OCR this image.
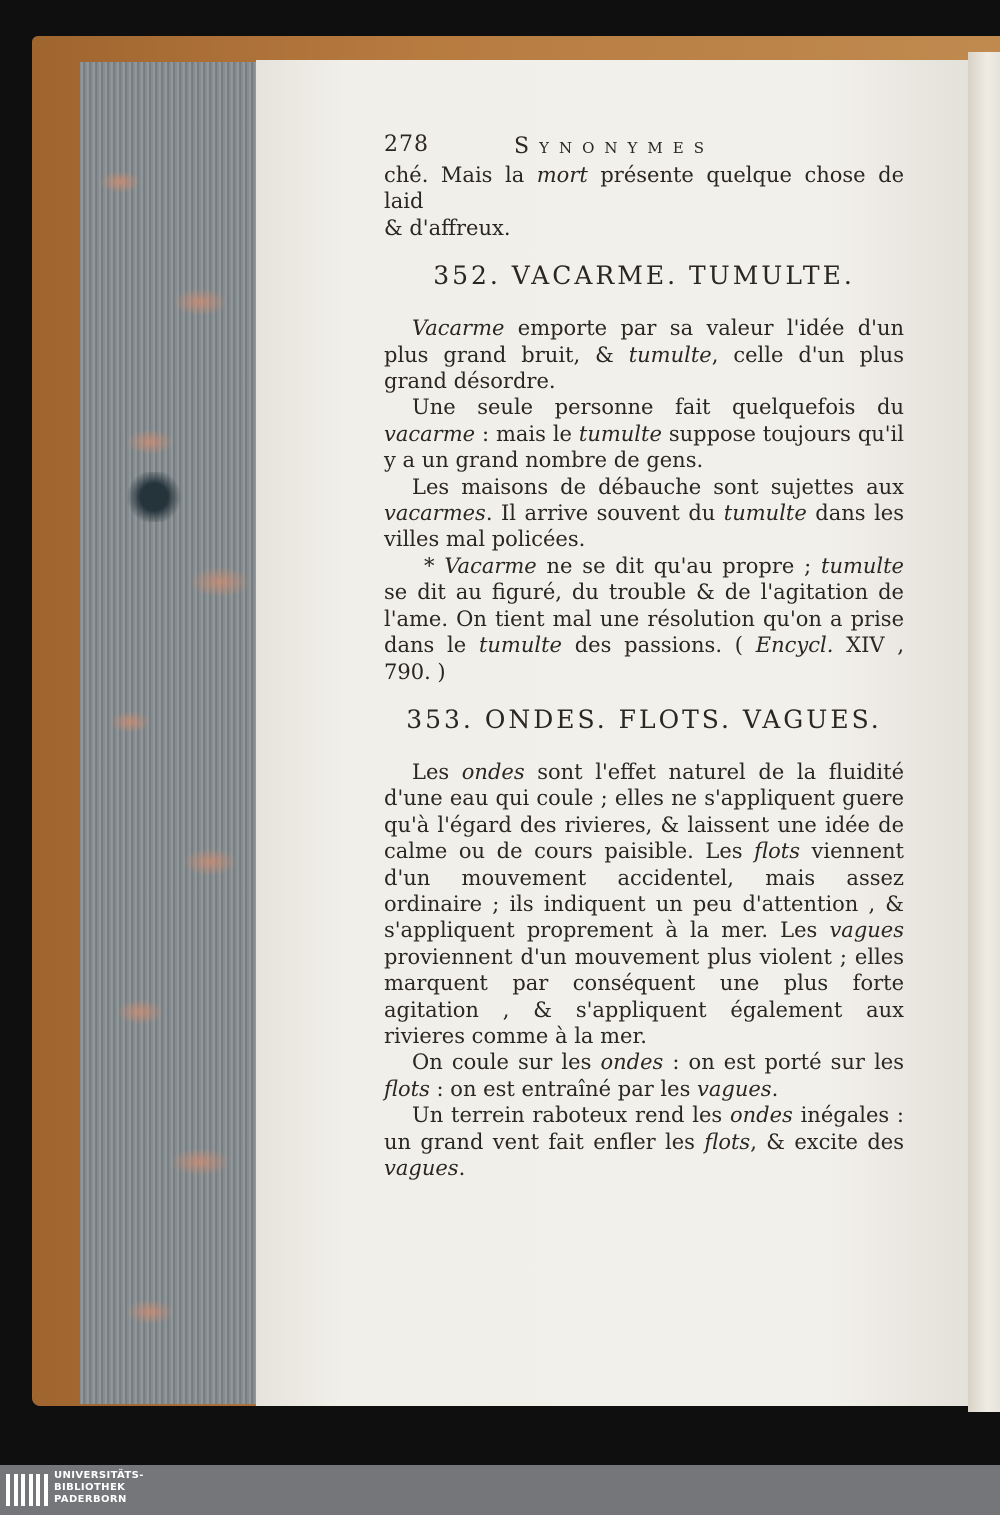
278	Synonymes

ché. Mais la mort présente quelque chose de laid
& d'affreux.

352. VACARME. TUMULTE.

Vacarme emporte par sa valeur l'idée d'un plus grand bruit, & tumulte, celle d'un plus grand désordre.

Une seule personne fait quelquefois du vacarme : mais le tumulte suppose toujours qu'il y a un grand nombre de gens.

Les maisons de débauche sont sujettes aux vacarmes. Il arrive souvent du tumulte dans les villes mal policées.

* Vacarme ne se dit qu'au propre ; tumulte se dit au figuré, du trouble & de l'agitation de l'ame. On tient mal une résolution qu'on a prise dans le tumulte des passions. ( Encycl. XIV , 790. )

353. ONDES. FLOTS. VAGUES.

Les ondes sont l'effet naturel de la fluidité d'une eau qui coule ; elles ne s'appliquent guere qu'à l'égard des rivieres, & laissent une idée de calme ou de cours paisible. Les flots viennent d'un mouvement accidentel, mais assez ordinaire ; ils indiquent un peu d'attention , & s'appliquent proprement à la mer. Les vagues proviennent d'un mouvement plus violent ; elles marquent par conséquent une plus forte agitation , & s'appliquent également aux rivieres comme à la mer.

On coule sur les ondes : on est porté sur les flots : on est entraîné par les vagues.

Un terrein raboteux rend les ondes inégales : un grand vent fait enfler les flots, & excite des vagues.

UNIVERSITÄTS-
BIBLIOTHEK
PADERBORN
